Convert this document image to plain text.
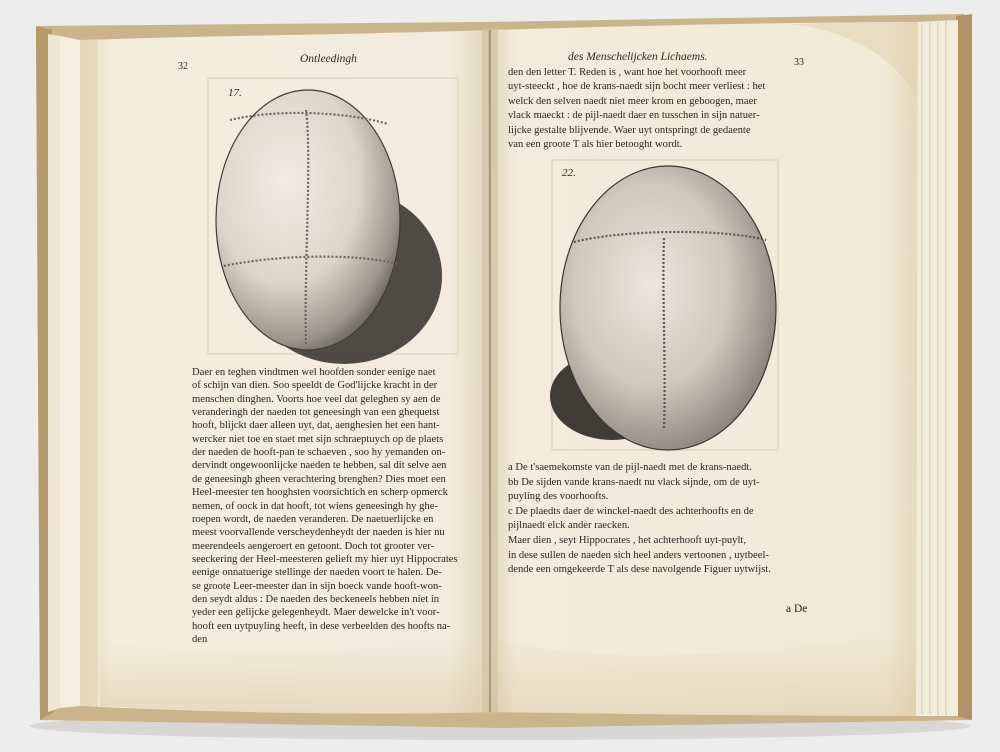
32
Ontleedingh
17.
Daer en teghen vindtmen wel hoofden sonder eenige naet
of schijn van dien. Soo speeldt de God'lijcke kracht in der
menschen dinghen. Voorts hoe veel dat geleghen sy aen de
veranderingh der naeden tot geneesingh van een ghequetst
hooft, blijckt daer alleen uyt, dat, aenghesien het een hant-
wercker niet toe en staet met sijn schraeptuych op de plaets
der naeden de hooft-pan te schaeven , soo hy yemanden on-
dervindt ongewoonlijcke naeden te hebben, sal dit selve aen
de geneesingh gheen verachtering brenghen? Dies moet een
Heel-meester ten hooghsten voorsichtich en scherp opmerck
nemen, of oock in dat hooft, tot wiens geneesingh hy ghe-
roepen wordt, de naeden veranderen. De naetuerlijcke en
meest voorvallende verscheydenheydt der naeden is hier nu
meerendeels aengeroert en getoont. Doch tot grooter ver-
seeckering der Heel-meesteren gelieft my hier uyt Hippocrates
eenige onnatuerige stellinge der naeden voort te halen. De-
se groote Leer-meester dan in sijn boeck vande hooft-won-
den seydt aldus : De naeden des beckeneels hebben niet in
yeder een gelijcke gelegenheydt. Maer dewelcke in't voor-
hooft een uytpuyling heeft, in dese verbeelden des hoofts na-
den
33
des Menschelijcken Lichaems.
den den letter T. Reden is , want hoe het voorhooft meer
uyt-steeckt , hoe de krans-naedt sijn bocht meer verliest : het
welck den selven naedt niet meer krom en geboogen, maer
vlack maeckt : de pijl-naedt daer en tusschen in sijn natuer-
lijcke gestalte blijvende. Waer uyt ontspringt de gedaente
van een groote T als hier betooght wordt.
22.
a De t'saemekomste van de pijl-naedt met de krans-naedt.
bb De sijden vande krans-naedt nu vlack sijnde, om de uyt-
puyling des voorhoofts.
c De plaedts daer de winckel-naedt des achterhoofts en de
pijlnaedt elck ander raecken.
Maer dien , seyt Hippocrates , het achterhooft uyt-puylt,
in dese sullen de naeden sich heel anders vertoonen , uytbeel-
dende een omgekeerde T als dese navolgende Figuer uytwijst.
a De
